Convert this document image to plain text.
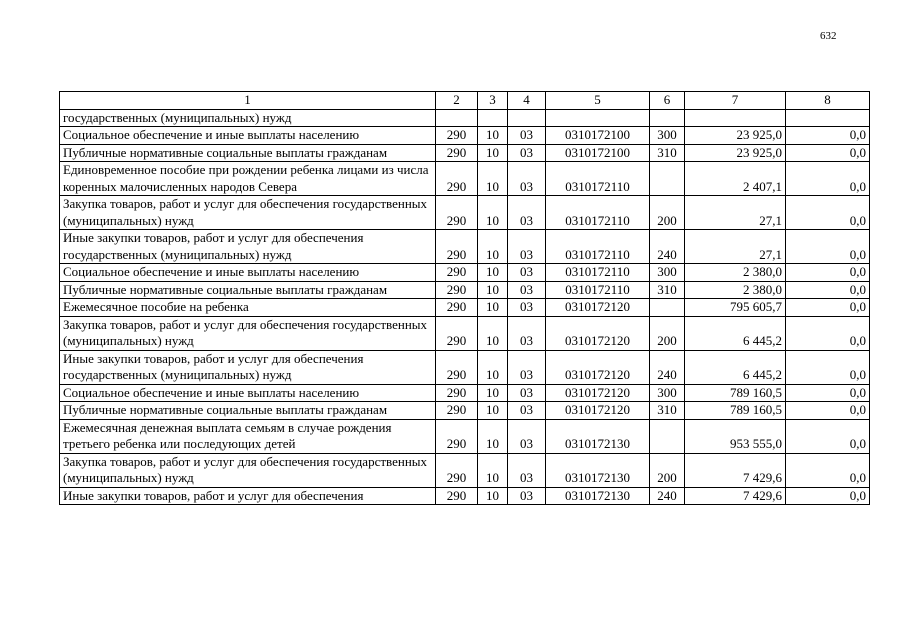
632
1	2	3	4	5	6	7	8
государственных (муниципальных) нужд							
Социальное обеспечение и иные выплаты населению	290	10	03	0310172100	300	23 925,0	0,0
Публичные нормативные социальные выплаты гражданам	290	10	03	0310172100	310	23 925,0	0,0
Единовременное пособие при рождении ребенка лицами из числа коренных малочисленных народов Севера	290	10	03	0310172110		2 407,1	0,0
Закупка товаров, работ и услуг для обеспечения государственных (муниципальных) нужд	290	10	03	0310172110	200	27,1	0,0
Иные закупки товаров, работ и услуг для обеспечения государственных (муниципальных) нужд	290	10	03	0310172110	240	27,1	0,0
Социальное обеспечение и иные выплаты населению	290	10	03	0310172110	300	2 380,0	0,0
Публичные нормативные социальные выплаты гражданам	290	10	03	0310172110	310	2 380,0	0,0
Ежемесячное пособие на ребенка	290	10	03	0310172120		795 605,7	0,0
Закупка товаров, работ и услуг для обеспечения государственных (муниципальных) нужд	290	10	03	0310172120	200	6 445,2	0,0
Иные закупки товаров, работ и услуг для обеспечения государственных (муниципальных) нужд	290	10	03	0310172120	240	6 445,2	0,0
Социальное обеспечение и иные выплаты населению	290	10	03	0310172120	300	789 160,5	0,0
Публичные нормативные социальные выплаты гражданам	290	10	03	0310172120	310	789 160,5	0,0
Ежемесячная денежная выплата семьям в случае рождения третьего ребенка или последующих детей	290	10	03	0310172130		953 555,0	0,0
Закупка товаров, работ и услуг для обеспечения государственных (муниципальных) нужд	290	10	03	0310172130	200	7 429,6	0,0
Иные закупки товаров, работ и услуг для обеспечения	290	10	03	0310172130	240	7 429,6	0,0
